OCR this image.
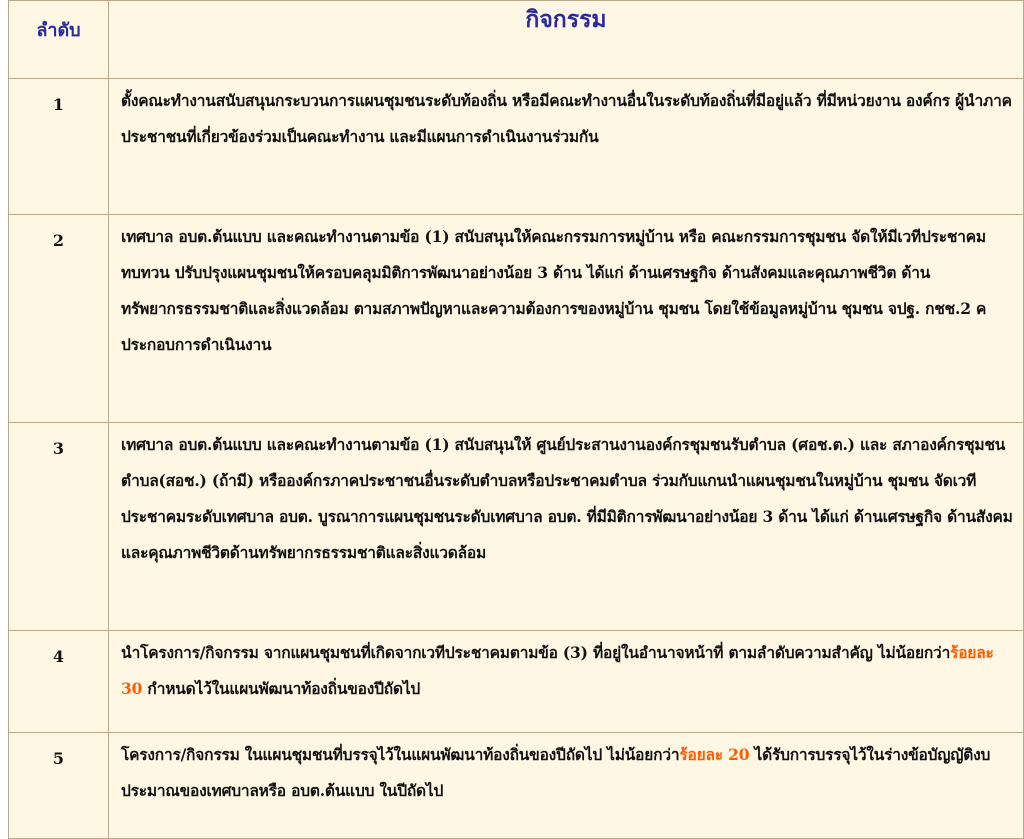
ลำดับ	กิจกรรม
1	ตั้งคณะทำงานสนับสนุนกระบวนการแผนชุมชนระดับท้องถิ่น หรือมีคณะทำงานอื่นในระดับท้องถิ่นที่มีอยู่แล้ว ที่มีหน่วยงาน องค์กร ผู้นำภาคประชาชนที่เกี่ยวข้องร่วมเป็นคณะทำงาน และมีแผนการดำเนินงานร่วมกัน
2	เทศบาล อบต.ต้นแบบ และคณะทำงานตามข้อ (1) สนับสนุนให้คณะกรรมการหมู่บ้าน หรือ คณะกรรมการชุมชน จัดให้มีเวทีประชาคม ทบทวน ปรับปรุงแผนชุมชนให้ครอบคลุมมิติการพัฒนาอย่างน้อย 3 ด้าน ได้แก่ ด้านเศรษฐกิจ ด้านสังคมและคุณภาพชีวิต ด้านทรัพยากรธรรมชาติและสิ่งแวดล้อม ตามสภาพปัญหาและความต้องการของหมู่บ้าน ชุมชน โดยใช้ข้อมูลหมู่บ้าน ชุมชน จปฐ. กชช.2 ค ประกอบการดำเนินงาน
3	เทศบาล อบต.ต้นแบบ และคณะทำงานตามข้อ (1) สนับสนุนให้ ศูนย์ประสานงานองค์กรชุมชนรับตำบล (ศอช.ต.) และ สภาองค์กรชุมชนตำบล(สอช.) (ถ้ามี) หรือองค์กรภาคประชาชนอื่นระดับตำบลหรือประชาคมตำบล ร่วมกับแกนนำแผนชุมชนในหมู่บ้าน ชุมชน จัดเวทีประชาคมระดับเทศบาล อบต. บูรณาการแผนชุมชนระดับเทศบาล อบต. ที่มีมิติการพัฒนาอย่างน้อย 3 ด้าน ได้แก่ ด้านเศรษฐกิจ ด้านสังคมและคุณภาพชีวิตด้านทรัพยากรธรรมชาติและสิ่งแวดล้อม
4	นำโครงการ/กิจกรรม จากแผนชุมชนที่เกิดจากเวทีประชาคมตามข้อ (3) ที่อยู่ในอำนาจหน้าที่ ตามลำดับความสำคัญ ไม่น้อยกว่าร้อยละ 30 กำหนดไว้ในแผนพัฒนาท้องถิ่นของปีถัดไป
5	โครงการ/กิจกรรม ในแผนชุมชนที่บรรจุไว้ในแผนพัฒนาท้องถิ่นของปีถัดไป ไม่น้อยกว่าร้อยละ 20 ได้รับการบรรจุไว้ในร่างข้อบัญญัติงบประมาณของเทศบาลหรือ อบต.ต้นแบบ ในปีถัดไป
